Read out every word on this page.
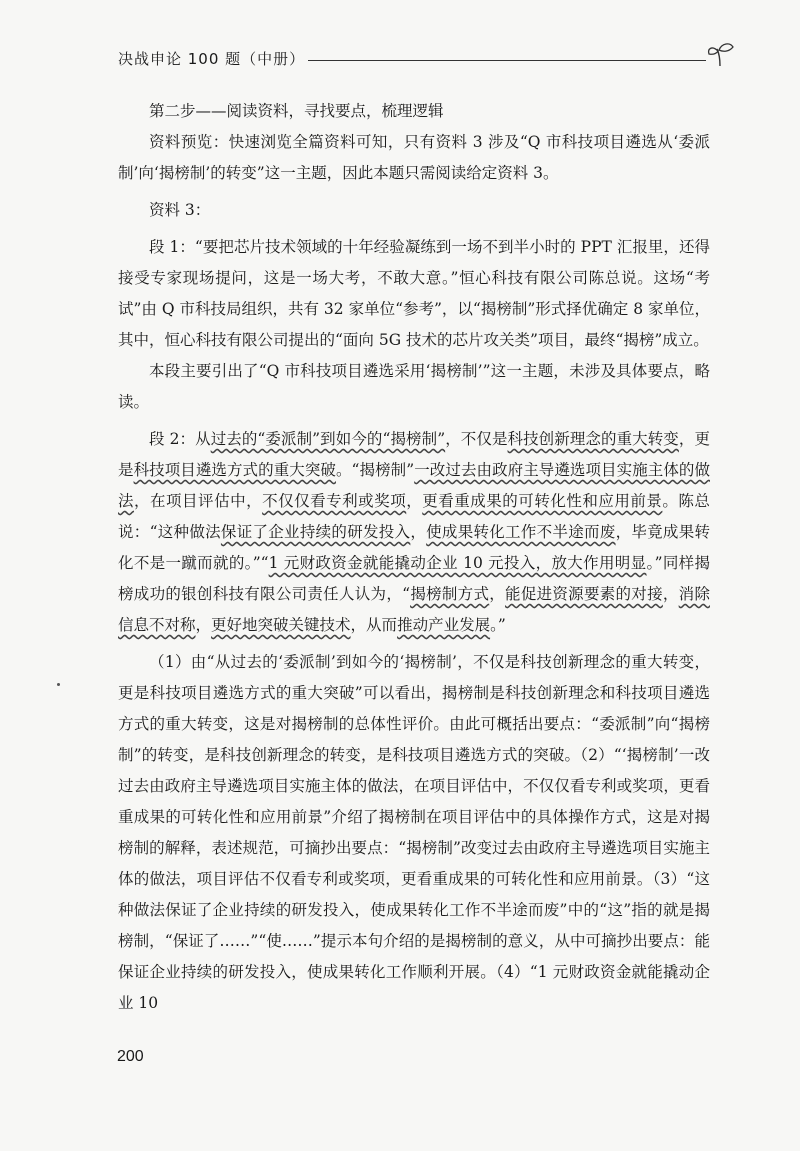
决战申论 100 题（中册）

第二步——阅读资料，寻找要点，梳理逻辑

资料预览：快速浏览全篇资料可知，只有资料 3 涉及“Q 市科技项目遴选从‘委派制’向‘揭榜制’的转变”这一主题，因此本题只需阅读给定资料 3。

资料 3：

段 1：“要把芯片技术领域的十年经验凝练到一场不到半小时的 PPT 汇报里，还得接受专家现场提问，这是一场大考，不敢大意。”恒心科技有限公司陈总说。这场“考试”由 Q 市科技局组织，共有 32 家单位“参考”，以“揭榜制”形式择优确定 8 家单位，其中，恒心科技有限公司提出的“面向 5G 技术的芯片攻关类”项目，最终“揭榜”成立。

本段主要引出了“Q 市科技项目遴选采用‘揭榜制’”这一主题，未涉及具体要点，略读。

段 2：从过去的“委派制”到如今的“揭榜制”，不仅是科技创新理念的重大转变，更是科技项目遴选方式的重大突破。“揭榜制”一改过去由政府主导遴选项目实施主体的做法，在项目评估中，不仅仅看专利或奖项，更看重成果的可转化性和应用前景。陈总说：“这种做法保证了企业持续的研发投入，使成果转化工作不半途而废，毕竟成果转化不是一蹴而就的。”“1 元财政资金就能撬动企业 10 元投入，放大作用明显。”同样揭榜成功的银创科技有限公司责任人认为，“揭榜制方式，能促进资源要素的对接，消除信息不对称，更好地突破关键技术，从而推动产业发展。”

（1）由“从过去的‘委派制’到如今的‘揭榜制’，不仅是科技创新理念的重大转变，更是科技项目遴选方式的重大突破”可以看出，揭榜制是科技创新理念和科技项目遴选方式的重大转变，这是对揭榜制的总体性评价。由此可概括出要点：“委派制”向“揭榜制”的转变，是科技创新理念的转变，是科技项目遴选方式的突破。（2）“‘揭榜制’一改过去由政府主导遴选项目实施主体的做法，在项目评估中，不仅仅看专利或奖项，更看重成果的可转化性和应用前景”介绍了揭榜制在项目评估中的具体操作方式，这是对揭榜制的解释，表述规范，可摘抄出要点：“揭榜制”改变过去由政府主导遴选项目实施主体的做法，项目评估不仅看专利或奖项，更看重成果的可转化性和应用前景。（3）“这种做法保证了企业持续的研发投入，使成果转化工作不半途而废”中的“这”指的就是揭榜制，“保证了……”“使……”提示本句介绍的是揭榜制的意义，从中可摘抄出要点：能保证企业持续的研发投入，使成果转化工作顺利开展。（4）“1 元财政资金就能撬动企业 10

200
